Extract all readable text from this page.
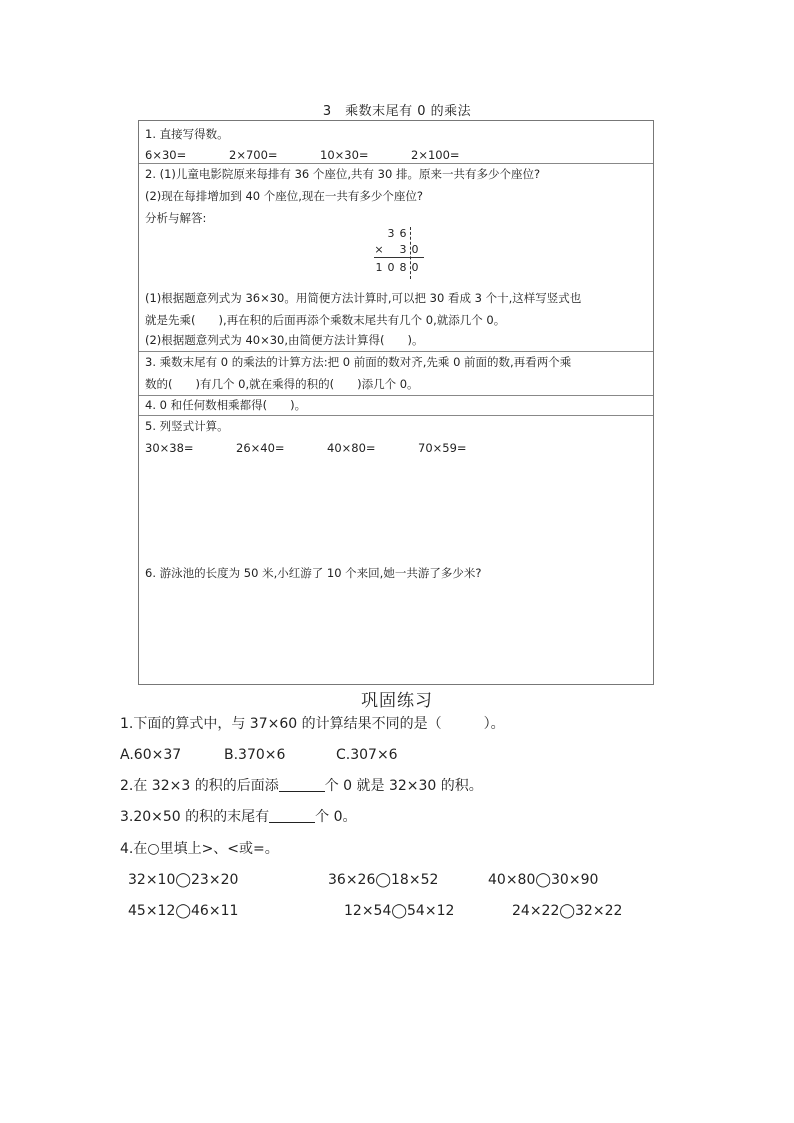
3　乘数末尾有 0 的乘法
1. 直接写得数。
6×30=	2×700=	10×30=	2×100=
2. (1)儿童电影院原来每排有 36 个座位,共有 30 排。原来一共有多少个座位?
(2)现在每排增加到 40 个座位,现在一共有多少个座位?
分析与解答:
(1)根据题意列式为 36×30。用简便方法计算时,可以把 30 看成 3 个十,这样写竖式也
就是先乘(　　),再在积的后面再添个乘数末尾共有几个 0,就添几个 0。
(2)根据题意列式为 40×30,由简便方法计算得(　　)。
3. 乘数末尾有 0 的乘法的计算方法:把 0 前面的数对齐,先乘 0 前面的数,再看两个乘
数的(　　)有几个 0,就在乘得的积的(　　)添几个 0。
4. 0 和任何数相乘都得(　　)。
5. 列竖式计算。
30×38=	26×40=	40×80=	70×59=
6. 游泳池的长度为 50 米,小红游了 10 个来回,她一共游了多少米?
3 6
× 3 0
1 0 8 0
巩固练习
1.下面的算式中，与 37×60 的计算结果不同的是（　　　）。
A.60×37	B.370×6	C.307×6
2.在 32×3 的积的后面添	个 0 就是 32×30 的积。
3.20×50 的积的末尾有	个 0。
4.在○里填上>、<或=。
32×10◯23×20	36×26◯18×52	40×80◯30×90
45×12◯46×11	12×54◯54×12	24×22◯32×22
